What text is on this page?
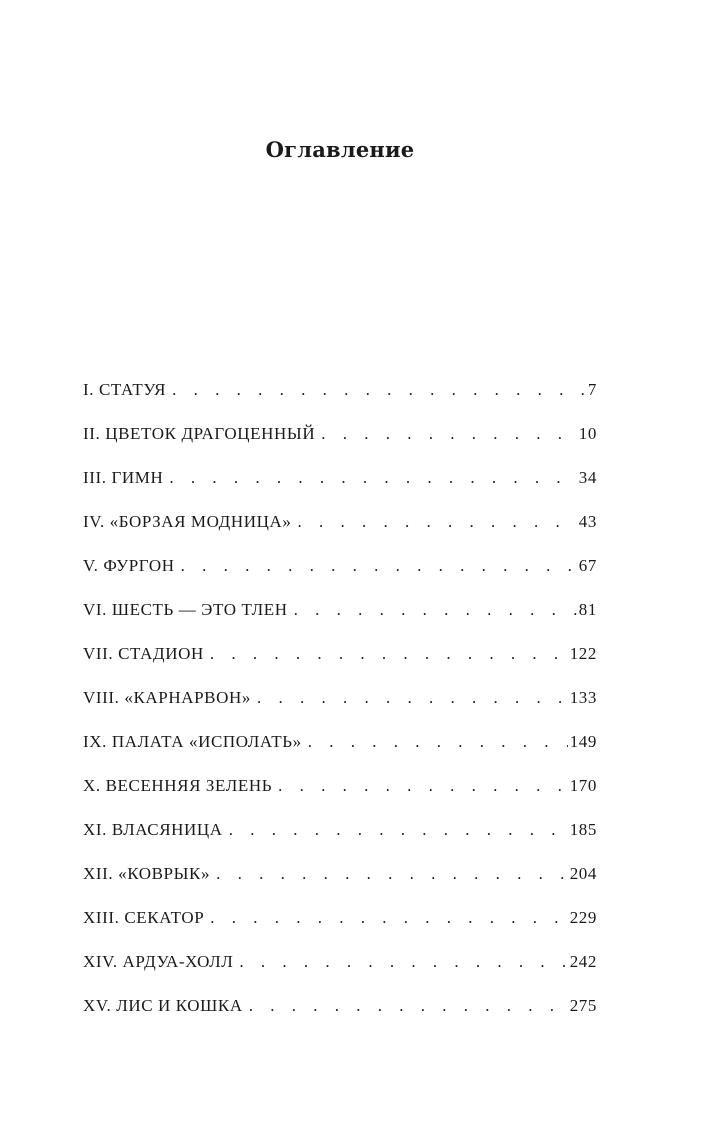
Оглавление
I. СТАТУЯ . . .	7
II. ЦВЕТОК ДРАГОЦЕННЫЙ . . .	10
III. ГИМН . . .	34
IV. «БОРЗАЯ МОДНИЦА» . . .	43
V. ФУРГОН . . .	67
VI. ШЕСТЬ — ЭТО ТЛЕН . . .	81
VII. СТАДИОН . . .	122
VIII. «КАРНАРВОН» . . .	133
IX. ПАЛАТА «ИСПОЛАТЬ» . . .	149
X. ВЕСЕННЯЯ ЗЕЛЕНЬ . . .	170
XI. ВЛАСЯНИЦА . . .	185
XII. «КОВРЫК» . . .	204
XIII. СЕКАТОР . . .	229
XIV. АРДУА-ХОЛЛ . . .	242
XV. ЛИС И КОШКА . . .	275
